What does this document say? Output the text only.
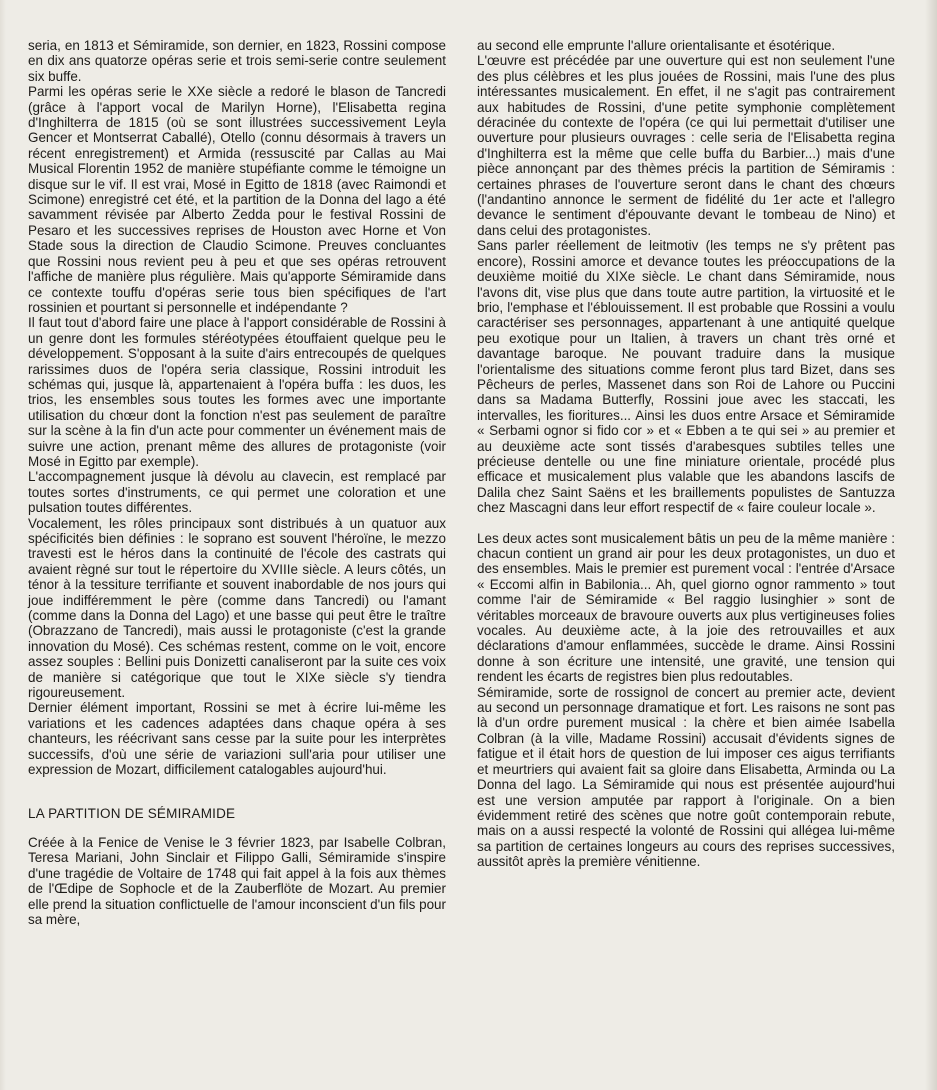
seria, en 1813 et Sémiramide, son dernier, en 1823, Rossini compose en dix ans quatorze opéras serie et trois semi-serie contre seulement six buffe.

Parmi les opéras serie le XXe siècle a redoré le blason de Tancredi (grâce à l'apport vocal de Marilyn Horne), l'Elisabetta regina d'Inghilterra de 1815 (où se sont illustrées successivement Leyla Gencer et Montserrat Caballé), Otello (connu désormais à travers un récent enregistrement) et Armida (ressuscité par Callas au Mai Musical Florentin 1952 de manière stupéfiante comme le témoigne un disque sur le vif. Il est vrai, Mosé in Egitto de 1818 (avec Raimondi et Scimone) enregistré cet été, et la partition de la Donna del lago a été savamment révisée par Alberto Zedda pour le festival Rossini de Pesaro et les successives reprises de Houston avec Horne et Von Stade sous la direction de Claudio Scimone. Preuves concluantes que Rossini nous revient peu à peu et que ses opéras retrouvent l'affiche de manière plus régulière. Mais qu'apporte Sémiramide dans ce contexte touffu d'opéras serie tous bien spécifiques de l'art rossinien et pourtant si personnelle et indépendante ?

Il faut tout d'abord faire une place à l'apport considérable de Rossini à un genre dont les formules stéréotypées étouffaient quelque peu le développement. S'opposant à la suite d'airs entrecoupés de quelques rarissimes duos de l'opéra seria classique, Rossini introduit les schémas qui, jusque là, appartenaient à l'opéra buffa : les duos, les trios, les ensembles sous toutes les formes avec une importante utilisation du chœur dont la fonction n'est pas seulement de paraître sur la scène à la fin d'un acte pour commenter un événement mais de suivre une action, prenant même des allures de protagoniste (voir Mosé in Egitto par exemple).

L'accompagnement jusque là dévolu au clavecin, est remplacé par toutes sortes d'instruments, ce qui permet une coloration et une pulsation toutes différentes.

Vocalement, les rôles principaux sont distribués à un quatuor aux spécificités bien définies : le soprano est souvent l'héroïne, le mezzo travesti est le héros dans la continuité de l'école des castrats qui avaient règné sur tout le répertoire du XVIIIe siècle. A leurs côtés, un ténor à la tessiture terrifiante et souvent inabordable de nos jours qui joue indifféremment le père (comme dans Tancredi) ou l'amant (comme dans la Donna del Lago) et une basse qui peut être le traître (Obrazzano de Tancredi), mais aussi le protagoniste (c'est la grande innovation du Mosé). Ces schémas restent, comme on le voit, encore assez souples : Bellini puis Donizetti canaliseront par la suite ces voix de manière si catégorique que tout le XIXe siècle s'y tiendra rigoureusement.

Dernier élément important, Rossini se met à écrire lui-même les variations et les cadences adaptées dans chaque opéra à ses chanteurs, les réécrivant sans cesse par la suite pour les interprètes successifs, d'où une série de variazioni sull'aria pour utiliser une expression de Mozart, difficilement catalogables aujourd'hui.

LA PARTITION DE SÉMIRAMIDE

Créée à la Fenice de Venise le 3 février 1823, par Isabelle Colbran, Teresa Mariani, John Sinclair et Filippo Galli, Sémiramide s'inspire d'une tragédie de Voltaire de 1748 qui fait appel à la fois aux thèmes de l'Œdipe de Sophocle et de la Zauberflöte de Mozart. Au premier elle prend la situation conflictuelle de l'amour inconscient d'un fils pour sa mère,

au second elle emprunte l'allure orientalisante et ésotérique.

L'œuvre est précédée par une ouverture qui est non seulement l'une des plus célèbres et les plus jouées de Rossini, mais l'une des plus intéressantes musicalement. En effet, il ne s'agit pas contrairement aux habitudes de Rossini, d'une petite symphonie complètement déracinée du contexte de l'opéra (ce qui lui permettait d'utiliser une ouverture pour plusieurs ouvrages : celle seria de l'Elisabetta regina d'Inghilterra est la même que celle buffa du Barbier...) mais d'une pièce annonçant par des thèmes précis la partition de Sémiramis : certaines phrases de l'ouverture seront dans le chant des chœurs (l'andantino annonce le serment de fidélité du 1er acte et l'allegro devance le sentiment d'épouvante devant le tombeau de Nino) et dans celui des protagonistes.

Sans parler réellement de leitmotiv (les temps ne s'y prêtent pas encore), Rossini amorce et devance toutes les préoccupations de la deuxième moitié du XIXe siècle. Le chant dans Sémiramide, nous l'avons dit, vise plus que dans toute autre partition, la virtuosité et le brio, l'emphase et l'éblouissement. Il est probable que Rossini a voulu caractériser ses personnages, appartenant à une antiquité quelque peu exotique pour un Italien, à travers un chant très orné et davantage baroque. Ne pouvant traduire dans la musique l'orientalisme des situations comme feront plus tard Bizet, dans ses Pêcheurs de perles, Massenet dans son Roi de Lahore ou Puccini dans sa Madama Butterfly, Rossini joue avec les staccati, les intervalles, les fioritures... Ainsi les duos entre Arsace et Sémiramide « Serbami ognor si fido cor » et « Ebben a te qui sei » au premier et au deuxième acte sont tissés d'arabesques subtiles telles une précieuse dentelle ou une fine miniature orientale, procédé plus efficace et musicalement plus valable que les abandons lascifs de Dalila chez Saint Saëns et les braillements populistes de Santuzza chez Mascagni dans leur effort respectif de « faire couleur locale ».

Les deux actes sont musicalement bâtis un peu de la même manière : chacun contient un grand air pour les deux protagonistes, un duo et des ensembles. Mais le premier est purement vocal : l'entrée d'Arsace « Eccomi alfin in Babilonia... Ah, quel giorno ognor rammento » tout comme l'air de Sémiramide « Bel raggio lusinghier » sont de véritables morceaux de bravoure ouverts aux plus vertigineuses folies vocales. Au deuxième acte, à la joie des retrouvailles et aux déclarations d'amour enflammées, succède le drame. Ainsi Rossini donne à son écriture une intensité, une gravité, une tension qui rendent les écarts de registres bien plus redoutables.

Sémiramide, sorte de rossignol de concert au premier acte, devient au second un personnage dramatique et fort. Les raisons ne sont pas là d'un ordre purement musical : la chère et bien aimée Isabella Colbran (à la ville, Madame Rossini) accusait d'évidents signes de fatigue et il était hors de question de lui imposer ces aigus terrifiants et meurtriers qui avaient fait sa gloire dans Elisabetta, Arminda ou La Donna del lago. La Sémiramide qui nous est présentée aujourd'hui est une version amputée par rapport à l'originale. On a bien évidemment retiré des scènes que notre goût contemporain rebute, mais on a aussi respecté la volonté de Rossini qui allégea lui-même sa partition de certaines longeurs au cours des reprises successives, aussitôt après la première vénitienne.

​
